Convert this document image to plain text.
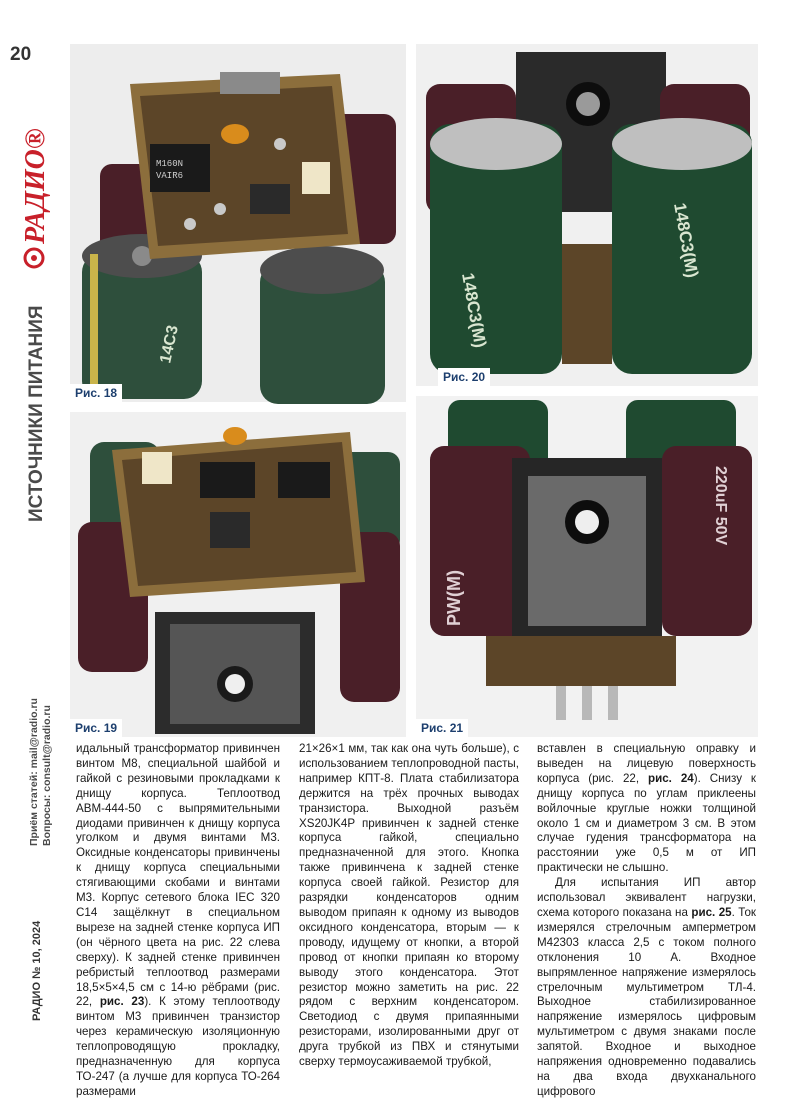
20
РАДИО®
ИСТОЧНИКИ ПИТАНИЯ
Приём статей: mail@radio.ru Вопросы: consult@radio.ru
РАДИО № 10, 2024
14C3
M160N
VAIR6
Рис. 18
Рис. 19
148C3(M)
148C3(M)
Рис. 20
PW(M)
220uF 50V
Рис. 21

идальный трансформатор привинчен винтом М8, специальной шайбой и гайкой с резиновыми прокладками к днищу корпуса. Теплоотвод АВМ-444-50 с выпрямительными диодами привинчен к днищу корпуса уголком и двумя винтами М3. Оксидные конденсаторы привинчены к днищу корпуса специальными стягивающими скобами и винтами М3. Корпус сетевого блока IEC 320 C14 защёлкнут в специальном вырезе на задней стенке корпуса ИП (он чёрного цвета на рис. 22 слева сверху). К задней стенке привинчен ребристый теплоотвод размерами 18,5×5×4,5 см с 14-ю рёбрами (рис. 22, рис. 23). К этому теплоотводу винтом М3 привинчен транзистор через керамическую изоляционную теплопроводящую прокладку, предназначенную для корпуса ТО-247 (а лучше для корпуса ТО-264 размерами

21×26×1 мм, так как она чуть больше), с использованием теплопроводной пасты, например КПТ-8. Плата стабилизатора держится на трёх прочных выводах транзистора. Выходной разъём XS20JK4P привинчен к задней стенке корпуса гайкой, специально предназначенной для этого. Кнопка также привинчена к задней стенке корпуса своей гайкой. Резистор для разрядки конденсаторов одним выводом припаян к одному из выводов оксидного конденсатора, вторым — к проводу, идущему от кнопки, а второй провод от кнопки припаян ко второму выводу этого конденсатора. Этот резистор можно заметить на рис. 22 рядом с верхним конденсатором. Светодиод с двумя припаянными резисторами, изолированными друг от друга трубкой из ПВХ и стянутыми сверху термоусаживаемой трубкой,

вставлен в специальную оправку и выведен на лицевую поверхность корпуса (рис. 22, рис. 24). Снизу к днищу корпуса по углам приклеены войлочные круглые ножки толщиной около 1 см и диаметром 3 см. В этом случае гудения трансформатора на расстоянии уже 0,5 м от ИП практически не слышно.

Для испытания ИП автор использовал эквивалент нагрузки, схема которого показана на рис. 25. Ток измерялся стрелочным амперметром М42303 класса 2,5 с током полного отклонения 10 А. Входное выпрямленное напряжение измерялось стрелочным мультиметром ТЛ-4. Выходное стабилизированное напряжение измерялось цифровым мультиметром с двумя знаками после запятой. Входное и выходное напряжения одновременно подавались на два входа двухканального цифрового
